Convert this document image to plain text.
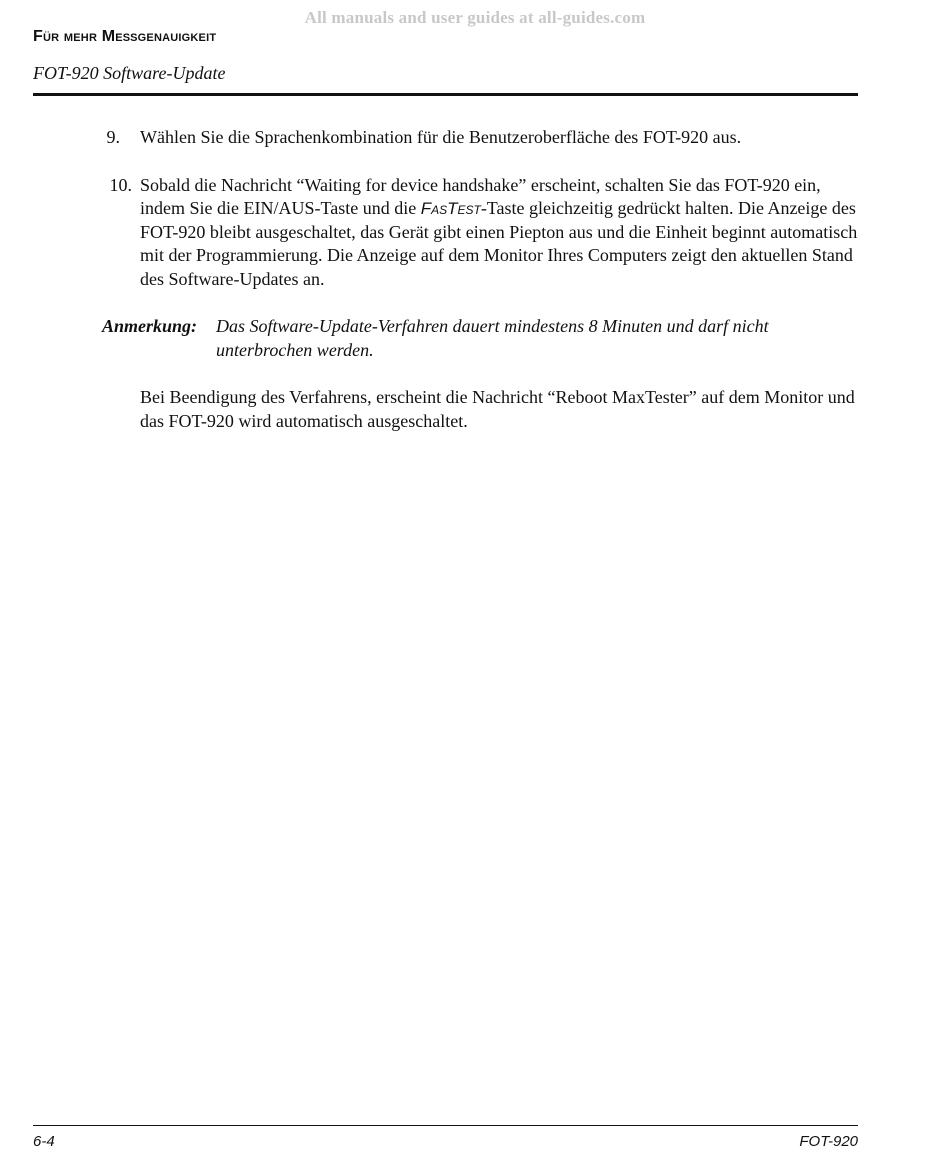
All manuals and user guides at all-guides.com
Für mehr Meßgenauigkeit
FOT-920 Software-Update
9. Wählen Sie die Sprachenkombination für die Benutzeroberfläche des FOT-920 aus.
10. Sobald die Nachricht “Waiting for device handshake” erscheint, schalten Sie das FOT-920 ein, indem Sie die EIN/AUS-Taste und die FasTest-Taste gleichzeitig gedrückt halten. Die Anzeige des FOT-920 bleibt ausgeschaltet, das Gerät gibt einen Piepton aus und die Einheit beginnt automatisch mit der Programmierung. Die Anzeige auf dem Monitor Ihres Computers zeigt den aktuellen Stand des Software-Updates an.
Anmerkung: Das Software-Update-Verfahren dauert mindestens 8 Minuten und darf nicht unterbrochen werden.
Bei Beendigung des Verfahrens, erscheint die Nachricht “Reboot MaxTester” auf dem Monitor und das FOT-920 wird automatisch ausgeschaltet.
6-4	FOT-920
